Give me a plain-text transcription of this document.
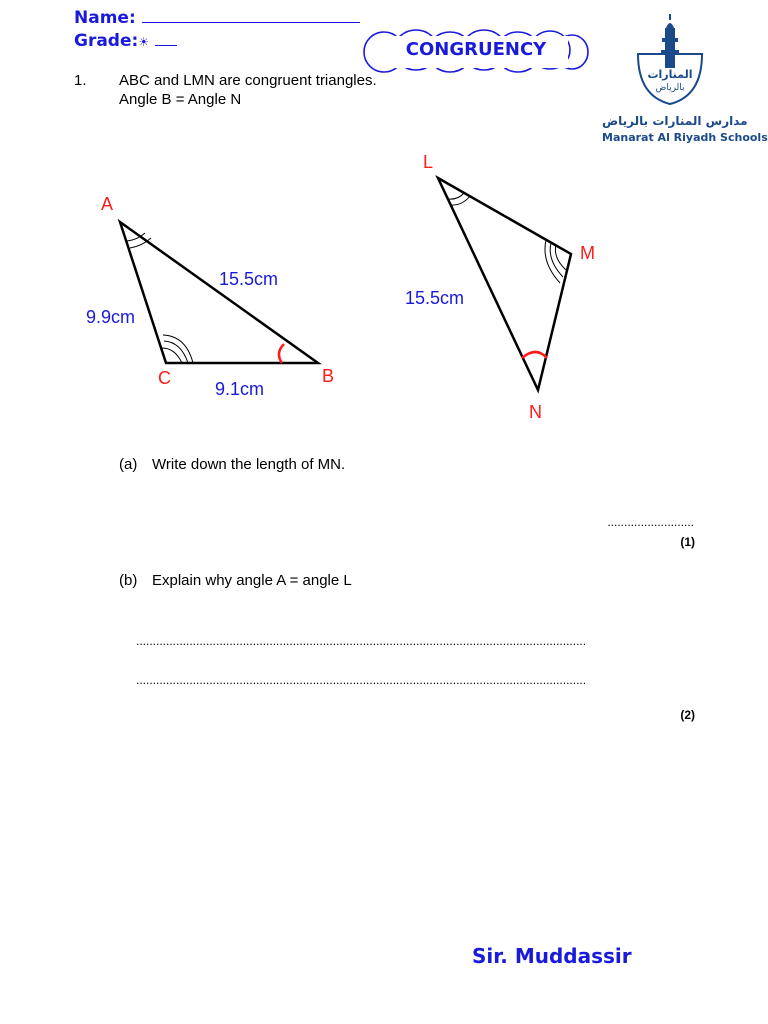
Name:
Grade:☀	CONGRUENCY
المنارات
بالرياض
مدارس المنارات بالرياض
Manarat Al Riyadh Schools
1. ABC and LMN are congruent triangles.
Angle B = Angle N
A
B
C
15.5cm
9.9cm
9.1cm
L
M
N
15.5cm
(a) Write down the length of MN.
..........................
(1)
(b) Explain why angle A = angle L
.......................................................................................................................................
.......................................................................................................................................
(2)
Sir. Muddassir
